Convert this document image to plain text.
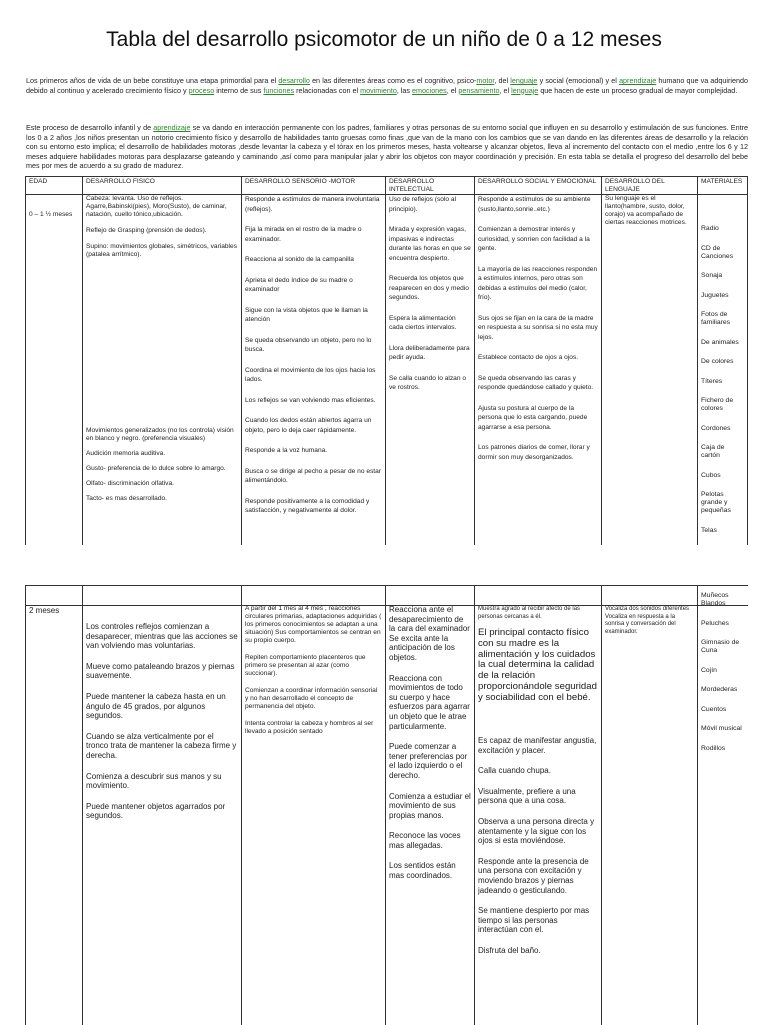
Tabla del desarrollo psicomotor de un niño de 0 a 12 meses
Los primeros años de vida de un bebe constituye una etapa primordial para el desarrollo en las diferentes áreas como es el cognitivo, psico-motor, del lenguaje y social (emocional) y el aprendizaje humano que va adquiriendo debido al continuo y acelerado crecimiento físico y proceso interno de sus funciones relacionadas con el movimiento, las emociones, el pensamiento, el lenguaje que hacen de este un proceso gradual de mayor complejidad.
Este proceso de desarrollo infantil y de aprendizaje se va dando en interacción permanente con los padres, familiares y otras personas de su entorno social que influyen en su desarrollo y estimulación de sus funciones. Entre los 0 a 2 años ,los niños presentan un notorio crecimiento físico y desarrollo de habilidades tanto gruesas como finas ,que van de la mano con los cambios que se van dando en las diferentes áreas de desarrollo y la relación con su entorno esto implica; el desarrollo de habilidades motoras ,desde levantar la cabeza y el tórax en los primeros meses, hasta voltearse y alcanzar objetos, lleva al incremento del contacto con el medio ,entre los 6 y 12 meses adquiere habilidades motoras para desplazarse gateando y caminando ,así como para manipular jalar y abrir los objetos con mayor coordinación y precisión. En esta tabla se detalla el progreso del desarrollo del bebe mes por mes de acuerdo a su grado de madurez.
EDAD
0 – 1 ½ meses
DESARROLLO FISICO
Cabeza: levanta. Uso de reflejos. Agarre,Babinski(pies), Moro(Susto), de caminar, natación, cuello tónico,ubicación.
Reflejo de Grasping (prensión de dedos).
Supino: movimientos globales, simétricos, variables (patalea arrítmico).
Movimientos generalizados (no los controla) visión en blanco y negro. (preferencia visuales)
Audición memoria auditiva.
Gusto- preferencia de lo dulce sobre lo amargo.
Olfato- discriminación olfativa.
Tacto- es mas desarrollado.
DESARROLLO SENSORIO -MOTOR

Responde a estímulos de manera involuntaria (reflejos).

Fija la mirada en el rostro de la madre o examinador.

Reacciona al sonido de la campanilla

Aprieta el dedo índice de su madre o examinador

Sigue con la vista objetos que le llaman la atención

Se queda observando un objeto, pero no lo busca.

Coordina el movimiento de los ojos hacia los lados.

Los reflejos se van volviendo mas eficientes.

Cuando los dedos están abiertos agarra un objeto, pero lo deja caer rápidamente.

Responde a la voz humana.

Busca o se dirige al pecho a pesar de no estar alimentándolo.

Responde positivamente a la comodidad y satisfacción, y negativamente al dolor.

DESARROLLO INTELECTUAL

Uso de reflejos (solo al principio).

Mirada y expresión vagas, impasivas e indirectas durante las horas en que se encuentra despierto.

Recuerda los objetos que reaparecen en dos y medio segundos.

Espera la alimentación cada ciertos intervalos.

Llora deliberadamente para pedir ayuda.

Se calla cuando lo alzan o ve rostros.

DESARROLLO SOCIAL Y EMOCIONAL

Responde a estímulos de su ambiente (susto,llanto,sonrie..etc.)

Comienzan a demostrar interés y curiosidad, y sonríen con facilidad a la gente.

La mayoría de las reacciones responden a estímulos internos, pero otras son debidas a estímulos del medio (calor, frío).

Sus ojos se fijan en la cara de la madre en respuesta a su sonrisa si no esta muy lejos.

Establece contacto de ojos a ojos.

Se queda observando las caras y responde quedándose callado y quieto.

Ajusta su postura al cuerpo de la persona que lo esta cargando, puede agarrarse a esa persona.

Los patrones diarios de comer, llorar y dormir son muy desorganizados.

DESARROLLO DEL LENGUAJE
Su lenguaje es el llanto(hambre, susto, dolor, corajo) va acompañado de ciertas reacciones motrices.
MATERIALES
Radio
CD de Canciones
Sonaja
Juguetes
Fotos de familiares
De animales
De colores
Títeres
Fichero de colores
Cordones
Caja de cartón
Cubos
Pelotas grande y pequeñas
Telas
2 meses

Los controles reflejos comienzan a desaparecer, mientras que las acciones se van volviendo mas voluntarias.

Mueve como pataleando brazos y piernas suavemente.

Puede mantener la cabeza hasta en un ángulo de 45 grados, por algunos segundos.

Cuando se alza verticalmente por el tronco trata de mantener la cabeza firme y derecha.

Comienza a descubrir sus manos y su movimiento.

Puede mantener objetos agarrados por segundos.

A partir del 1 mes al 4 mes , reacciones circulares primarias, adaptaciones adquiridas ( los primeros conocimientos se adaptan a una situación) Sus comportamientos se centran en su propio cuerpo.
Repiten comportamiento placenteros que primero se presentan al azar (como succionar).
Comienzan a coordinar información sensorial y no han desarrollado el concepto de permanencia del objeto.
Intenta controlar la cabeza y hombros al ser llevado a posición sentado

Reacciona ante el desaparecimiento de la cara del examinador Se excita ante la anticipación de los objetos.

Reacciona con movimientos de todo su cuerpo y hace esfuerzos para agarrar un objeto que le atrae particularmente.

Puede comenzar a tener preferencias por el lado izquierdo o el derecho.

Comienza a estudiar el movimiento de sus propias manos.

Reconoce las voces mas allegadas.

Los sentidos están mas coordinados.

Muestra agrado al recibir afecto de las personas cercanas a él.
El principal contacto físico con su madre es la alimentación y los cuidados la cual determina la calidad de la relación proporcionándole seguridad y sociabilidad con el bebé.

Es capaz de manifestar angustia, excitación y placer.

Calla cuando chupa.

Visualmente, prefiere a una persona que a una cosa.

Observa a una persona directa y atentamente y la sigue con los ojos si esta moviéndose.

Responde ante la presencia de una persona con excitación y moviendo brazos y piernas jadeando o gesticulando.

Se mantiene despierto por mas tiempo si las personas interactúan con el.

Disfruta del baño.

Vocaliza dos sonidos diferentes Vocaliza en respuesta a la sonrisa y conversación del examinador.
Muñecos Blandos
Peluches
Gimnasio de Cuna
Cojín
Mordederas
Cuentos
Móvil musical
Rodillos
